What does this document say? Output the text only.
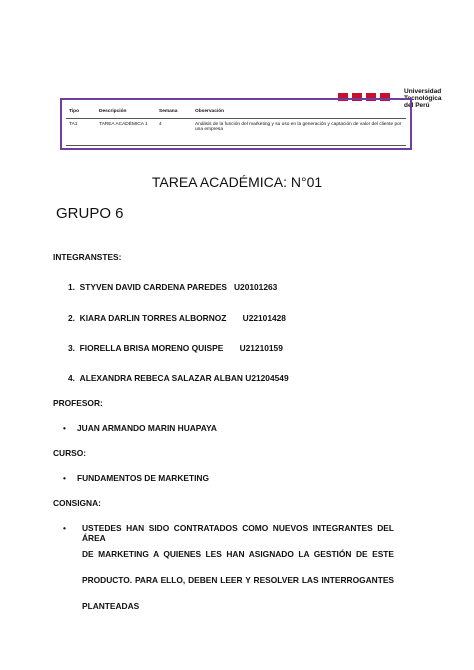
Universidad
Tecnológica
del Perú
Tipo	Descripción	Semana	Observación
TA1	TAREA ACADÉMICA 1	4	Análisis de la función del marketing y su uso en la generación y captación de valor del cliente por una empresa
TAREA ACADÉMICA: N°01
GRUPO 6
INTEGRANSTES:
1. STYVEN DAVID CARDENA PAREDES   U20101263
2. KIARA DARLIN TORRES ALBORNOZ       U22101428
3. FIORELLA BRISA MORENO QUISPE       U21210159
4. ALEXANDRA REBECA SALAZAR ALBAN U21204549
PROFESOR:
• JUAN ARMANDO MARIN HUAPAYA
CURSO:
• FUNDAMENTOS DE MARKETING
CONSIGNA:
• USTEDES HAN SIDO CONTRATADOS COMO NUEVOS INTEGRANTES DEL ÁREA
DE MARKETING A QUIENES LES HAN ASIGNADO LA GESTIÓN DE ESTE
PRODUCTO. PARA ELLO, DEBEN LEER Y RESOLVER LAS INTERROGANTES
PLANTEADAS
